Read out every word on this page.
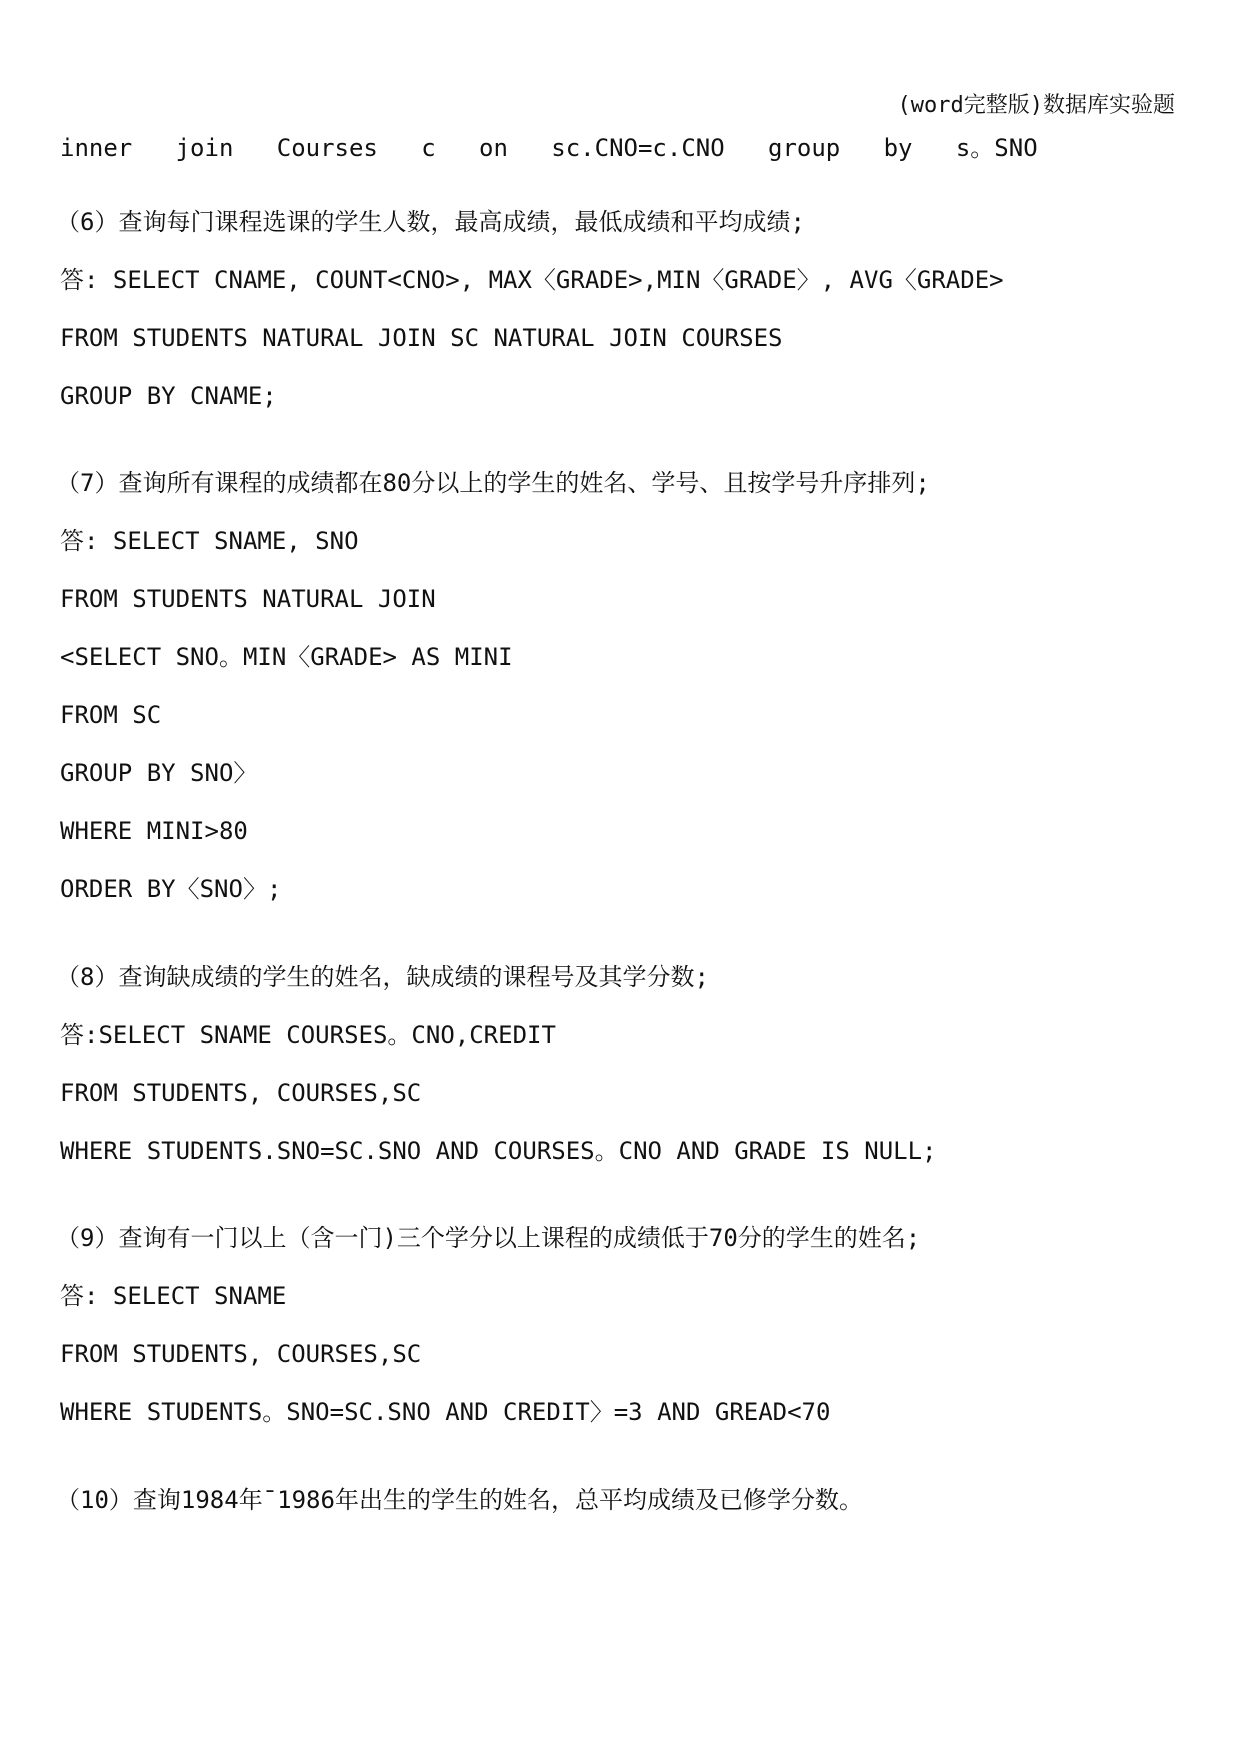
(word完整版)数据库实验题
inner   join   Courses   c   on   sc.CNO=c.CNO   group   by   s。SNO
（6）查询每门课程选课的学生人数，最高成绩，最低成绩和平均成绩;
答: SELECT CNAME, COUNT<CNO>, MAX〈GRADE>,MIN〈GRADE〉, AVG〈GRADE>
FROM STUDENTS NATURAL JOIN SC NATURAL JOIN COURSES
GROUP BY CNAME;
（7）查询所有课程的成绩都在80分以上的学生的姓名、学号、且按学号升序排列;
答: SELECT SNAME, SNO
FROM STUDENTS NATURAL JOIN
<SELECT SNO。MIN〈GRADE> AS MINI
FROM SC
GROUP BY SNO〉
WHERE MINI>80
ORDER BY〈SNO〉;
（8）查询缺成绩的学生的姓名，缺成绩的课程号及其学分数;
答:SELECT SNAME COURSES。CNO,CREDIT
FROM STUDENTS, COURSES,SC
WHERE STUDENTS.SNO=SC.SNO AND COURSES。CNO AND GRADE IS NULL;
（9）查询有一门以上（含一门)三个学分以上课程的成绩低于70分的学生的姓名;
答: SELECT SNAME
FROM STUDENTS, COURSES,SC
WHERE STUDENTS。SNO=SC.SNO AND CREDIT〉=3 AND GREAD<70
（10）查询1984年¯1986年出生的学生的姓名，总平均成绩及已修学分数。
